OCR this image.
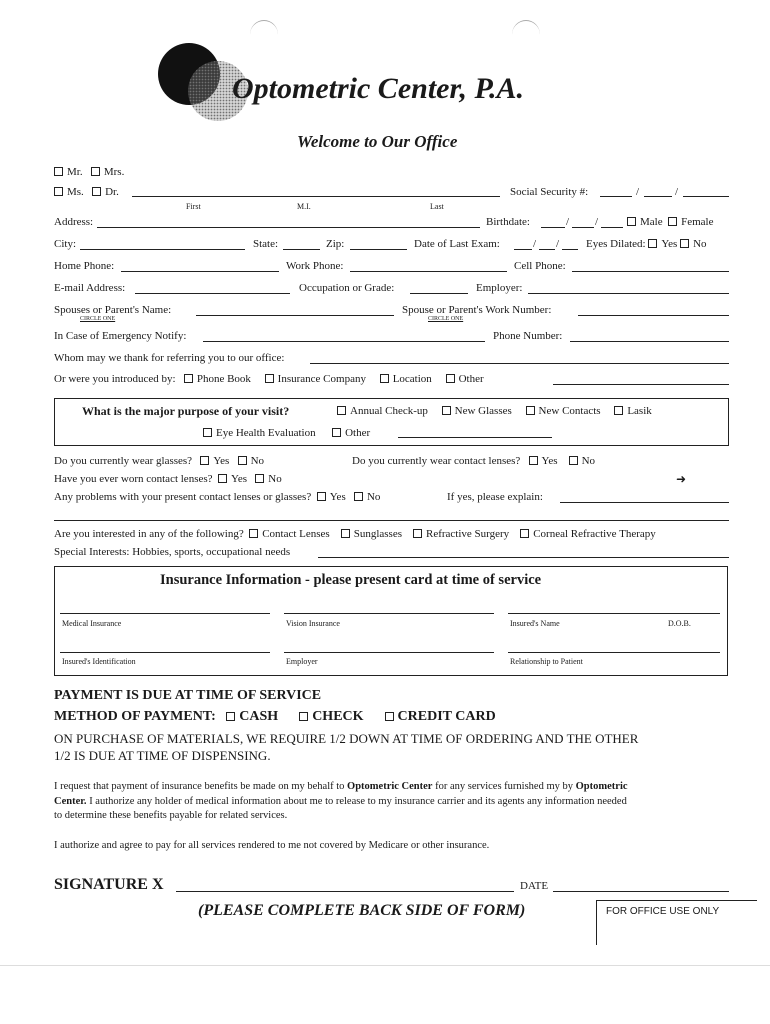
Optometric Center, P.A.
Welcome to Our Office
Mr. Mrs.
Ms. Dr.
First	M.I.	Last
Social Security #:	/	/
Address:	Birthdate:	/ /	Male Female
City:	State:	Zip:	Date of Last Exam:	/ / Eyes Dilated: Yes No
Home Phone:	Work Phone:	Cell Phone:
E-mail Address:	Occupation or Grade:	Employer:
Spouses or Parent's Name:
CIRCLE ONE
Spouse or Parent's Work Number:
CIRCLE ONE
In Case of Emergency Notify:	Phone Number:
Whom may we thank for referring you to our office:
Or were you introduced by: Phone Book Insurance Company Location Other
What is the major purpose of your visit?	Annual Check-up New Glasses New Contacts Lasik
Eye Health Evaluation	Other
Do you currently wear glasses? Yes No	Do you currently wear contact lenses? Yes No
Have you ever worn contact lenses? Yes No	➜
Any problems with your present contact lenses or glasses? Yes No	If yes, please explain:
Are you interested in any of the following? Contact Lenses Sunglasses Refractive Surgery Corneal Refractive Therapy
Special Interests: Hobbies, sports, occupational needs
Insurance Information - please present card at time of service
Medical Insurance	Vision Insurance	Insured's Name	D.O.B.
Insured's Identification	Employer	Relationship to Patient
PAYMENT IS DUE AT TIME OF SERVICE
METHOD OF PAYMENT: CASH CHECK CREDIT CARD
ON PURCHASE OF MATERIALS, WE REQUIRE 1/2 DOWN AT TIME OF ORDERING AND THE OTHER
1/2 IS DUE AT TIME OF DISPENSING.
I request that payment of insurance benefits be made on my behalf to Optometric Center for any services furnished my by Optometric
Center. I authorize any holder of medical information about me to release to my insurance carrier and its agents any information needed
to determine these benefits payable for related services.
I authorize and agree to pay for all services rendered to me not covered by Medicare or other insurance.
SIGNATURE X	DATE
(PLEASE COMPLETE BACK SIDE OF FORM)	FOR OFFICE USE ONLY
